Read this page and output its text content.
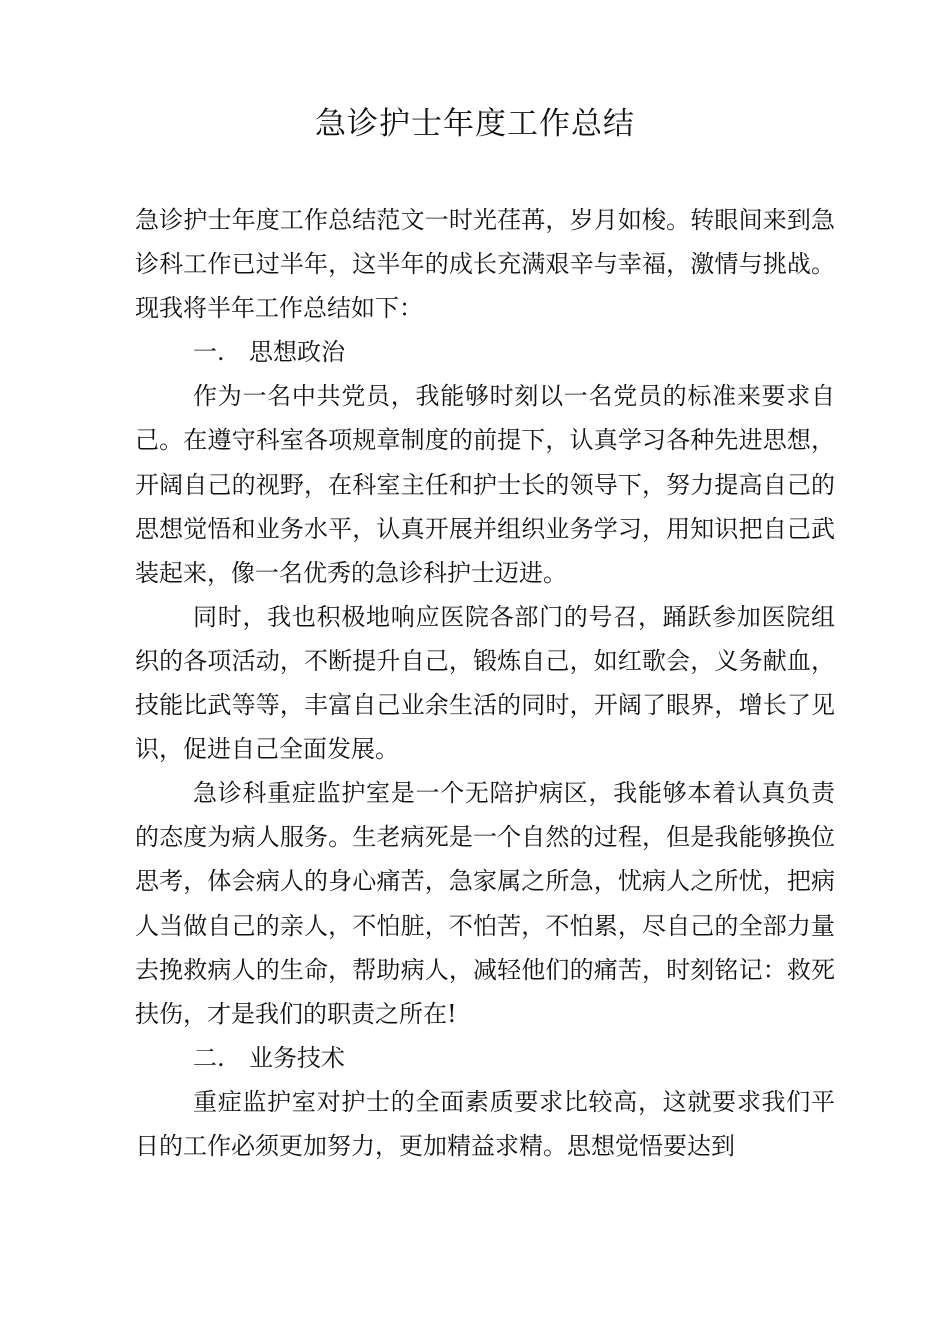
急诊护士年度工作总结

急诊护士年度工作总结范文一时光荏苒，岁月如梭。转眼间来到急诊科工作已过半年，这半年的成长充满艰辛与幸福，激情与挑战。现我将半年工作总结如下：

一. 思想政治

作为一名中共党员，我能够时刻以一名党员的标准来要求自己。在遵守科室各项规章制度的前提下，认真学习各种先进思想，开阔自己的视野，在科室主任和护士长的领导下，努力提高自己的思想觉悟和业务水平，认真开展并组织业务学习，用知识把自己武装起来，像一名优秀的急诊科护士迈进。

同时，我也积极地响应医院各部门的号召，踊跃参加医院组织的各项活动，不断提升自己，锻炼自己，如红歌会，义务献血，技能比武等等，丰富自己业余生活的同时，开阔了眼界，增长了见识，促进自己全面发展。

急诊科重症监护室是一个无陪护病区，我能够本着认真负责的态度为病人服务。生老病死是一个自然的过程，但是我能够换位思考，体会病人的身心痛苦，急家属之所急，忧病人之所忧，把病人当做自己的亲人，不怕脏，不怕苦，不怕累，尽自己的全部力量去挽救病人的生命，帮助病人，减轻他们的痛苦，时刻铭记：救死扶伤，才是我们的职责之所在!

二. 业务技术

重症监护室对护士的全面素质要求比较高，这就要求我们平日的工作必须更加努力，更加精益求精。思想觉悟要达到
